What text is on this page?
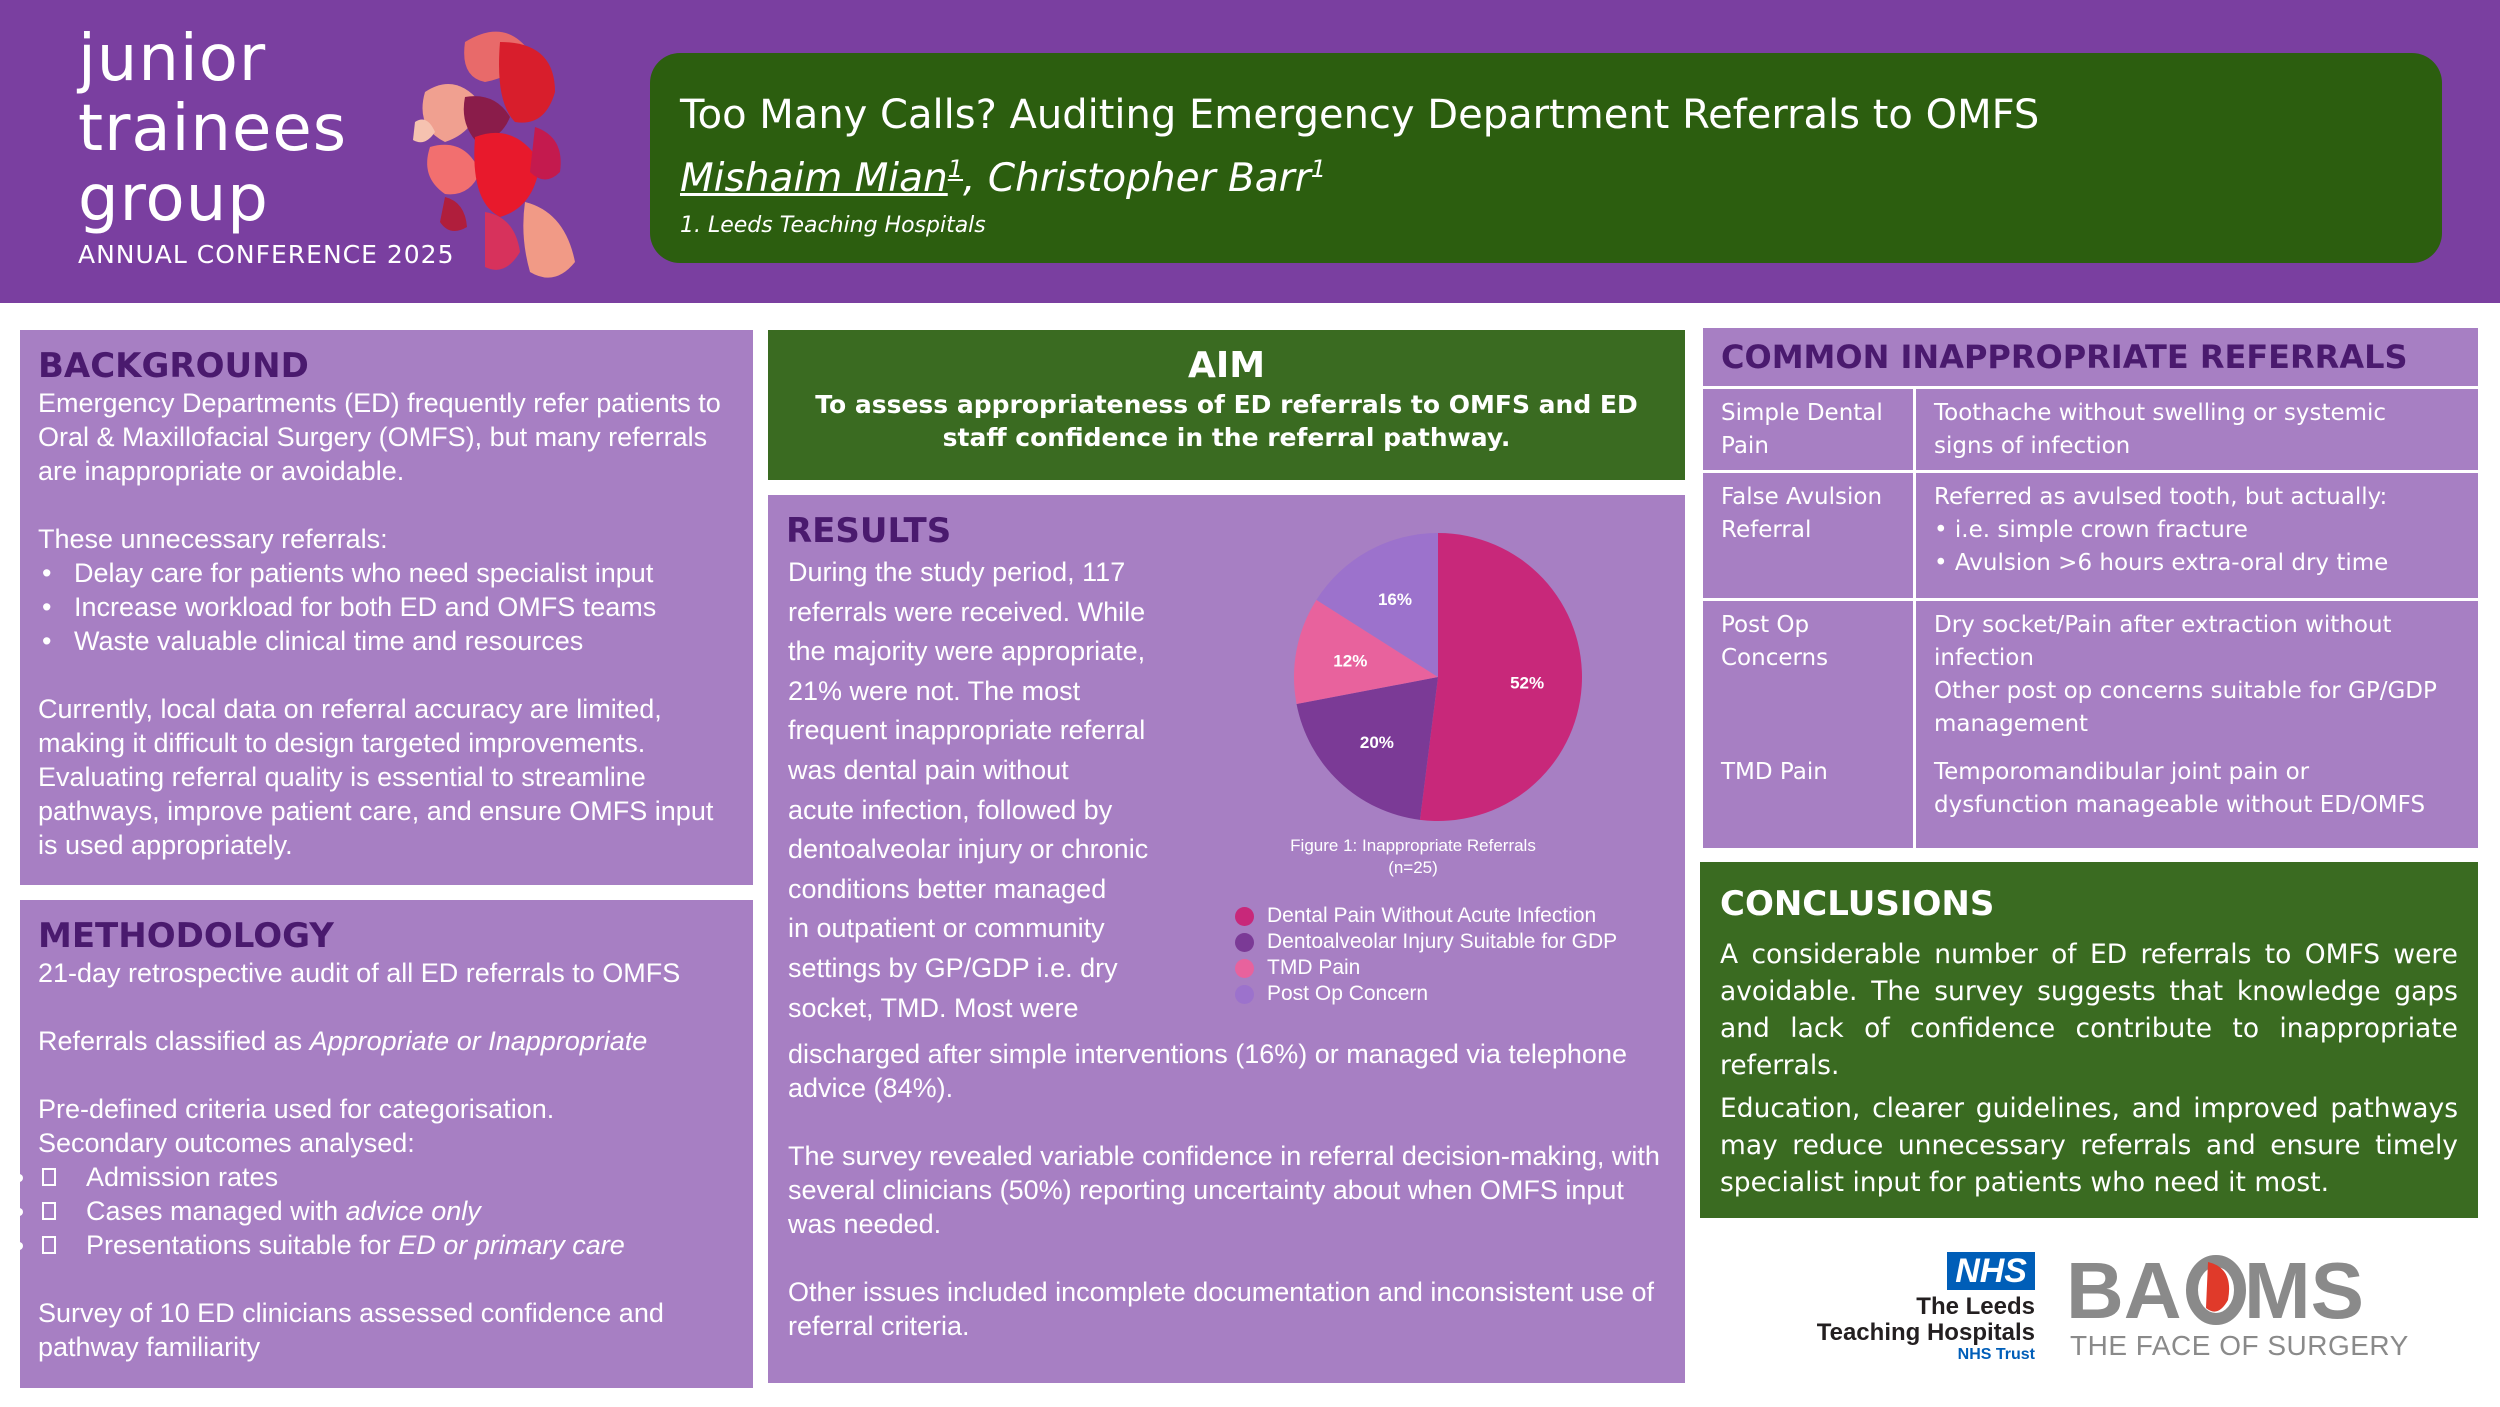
junior
trainees
group
ANNUAL CONFERENCE 2025
Too Many Calls? Auditing Emergency Department Referrals to OMFS
Mishaim Mian$^1$, Christopher Barr$^1$
1. Leeds Teaching Hospitals
BACKGROUND
Emergency Departments (ED) frequently refer patients to Oral & Maxillofacial Surgery (OMFS), but many referrals are inappropriate or avoidable.
These unnecessary referrals:
• Delay care for patients who need specialist input
• Increase workload for both ED and OMFS teams
• Waste valuable clinical time and resources
Currently, local data on referral accuracy are limited, making it difficult to design targeted improvements. Evaluating referral quality is essential to streamline pathways, improve patient care, and ensure OMFS input is used appropriately.
METHODOLOGY
21-day retrospective audit of all ED referrals to OMFS
Referrals classified as Appropriate or Inappropriate
Pre-defined criteria used for categorisation.
Secondary outcomes analysed:
• Admission rates
• Cases managed with advice only
• Presentations suitable for ED or primary care
Survey of 10 ED clinicians assessed confidence and pathway familiarity
AIM
To assess appropriateness of ED referrals to OMFS and ED staff confidence in the referral pathway.
RESULTS
During the study period, 117
referrals were received. While
the majority were appropriate,
21% were not. The most
frequent inappropriate referral
was dental pain without
acute infection, followed by
dentoalveolar injury or chronic
conditions better managed
in outpatient or community
settings by GP/GDP i.e. dry
socket, TMD. Most were
discharged after simple interventions (16%) or managed via telephone advice (84%).
The survey revealed variable confidence in referral decision-making, with several clinicians (50%) reporting uncertainty about when OMFS input was needed.
Other issues included incomplete documentation and inconsistent use of referral criteria.
52%
20%
12%
16%
Figure 1: Inappropriate Referrals
(n=25)
Dental Pain Without Acute Infection
Dentoalveolar Injury Suitable for GDP
TMD Pain
Post Op Concern
COMMON INAPPROPRIATE REFERRALS
Simple Dental
Pain
Toothache without swelling or systemic
signs of infection
False Avulsion
Referral
Referred as avulsed tooth, but actually:
• i.e. simple crown fracture
• Avulsion >6 hours extra-oral dry time
Post Op
Concerns
Dry socket/Pain after extraction without
infection
Other post op concerns suitable for GP/GDP
management
TMD Pain	Temporomandibular joint pain or
dysfunction manageable without ED/OMFS
CONCLUSIONS
A considerable number of ED referrals to OMFS were avoidable. The survey suggests that knowledge gaps and lack of confidence contribute to inappropriate referrals.
Education, clearer guidelines, and improved pathways may reduce unnecessary referrals and ensure timely specialist input for patients who need it most.
NHS
The Leeds
Teaching Hospitals
NHS Trust
BA MS
THE FACE OF SURGERY
